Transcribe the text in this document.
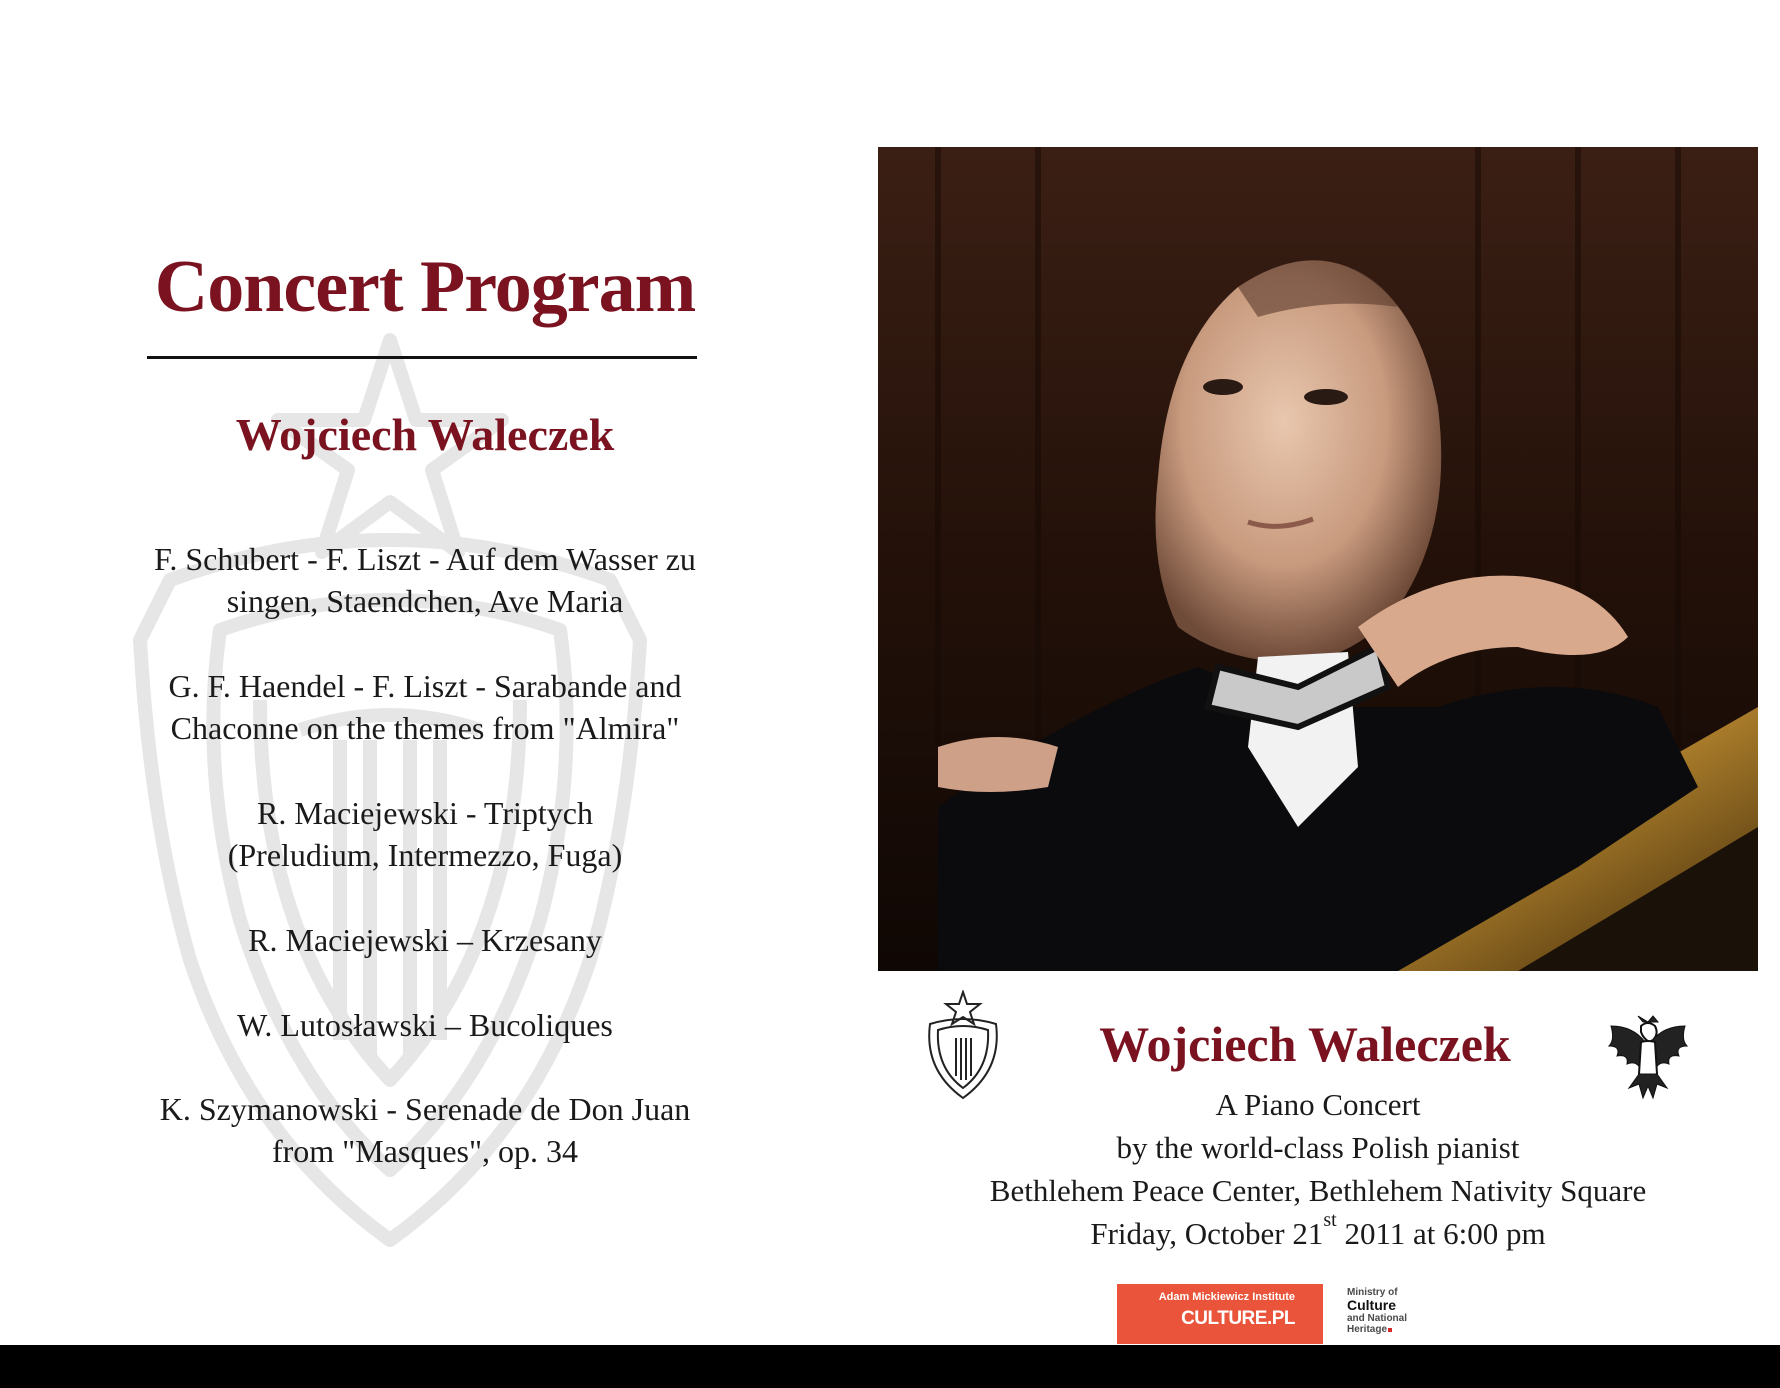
Concert Program
Wojciech Waleczek
F. Schubert - F. Liszt - Auf dem Wasser zu
singen, Staendchen, Ave Maria
G. F. Haendel - F. Liszt - Sarabande and
Chaconne on the themes from "Almira"
R. Maciejewski - Triptych
(Preludium, Intermezzo, Fuga)
R. Maciejewski – Krzesany
W. Lutosławski – Bucoliques
K. Szymanowski - Serenade de Don Juan
from "Masques", op. 34
Wojciech Waleczek
A Piano Concert
by the world-class Polish pianist
Bethlehem Peace Center, Bethlehem Nativity Square
Friday, October 21st 2011 at 6:00 pm
Adam Mickiewicz Institute
CULTURE.PL
Ministry of
Culture
and National
Heritage
